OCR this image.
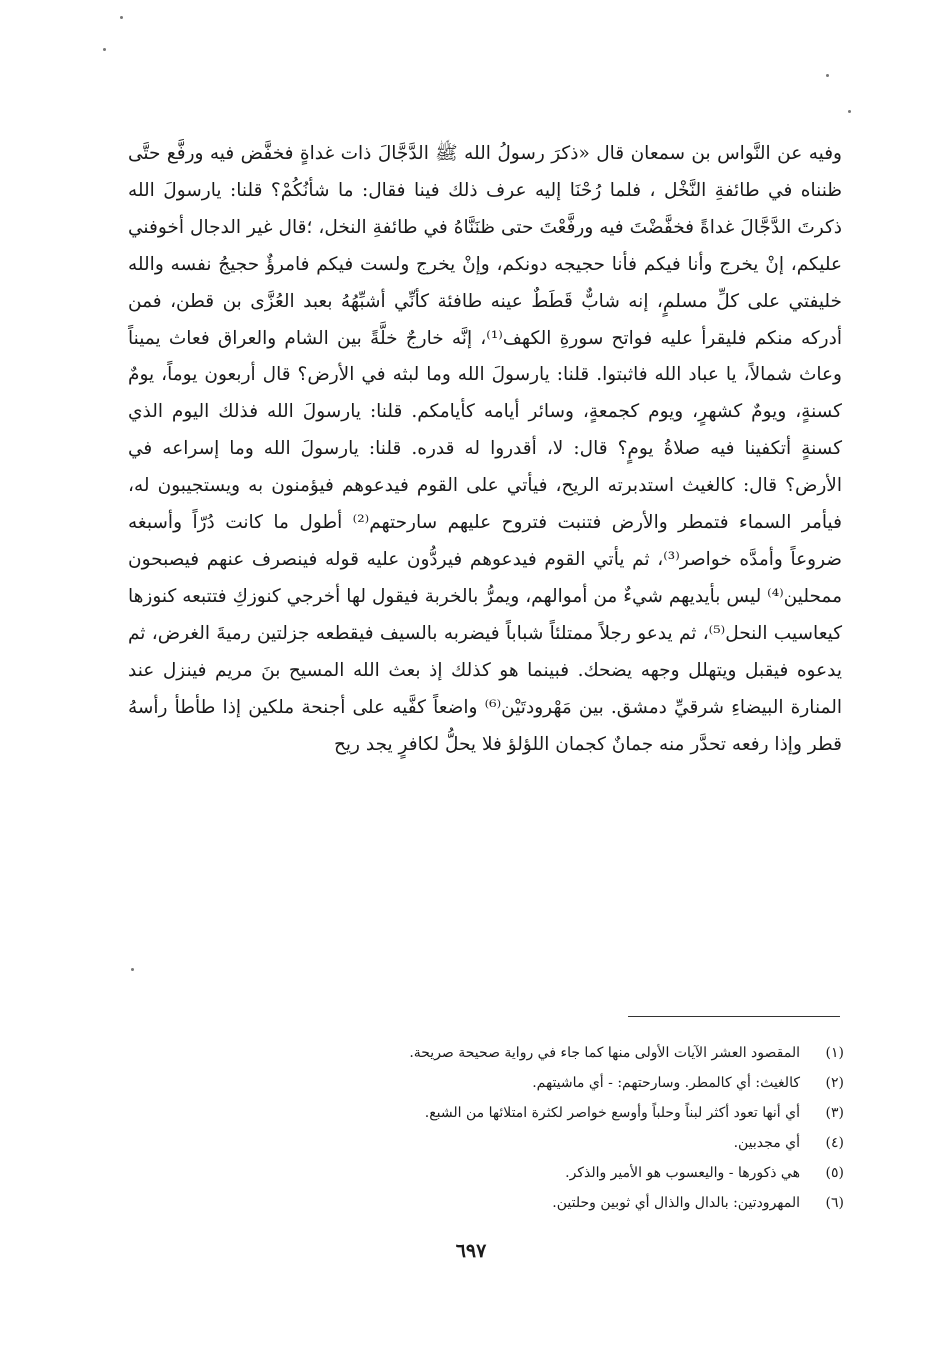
وفيه عن النَّواس بن سمعان قال «ذكرَ رسولُ الله ﷺ الدَّجَّالَ ذات غداةٍ فخفَّض فيه ورفَّع حتَّى ظنناه في طائفةِ النَّخْل ، فلما رُحْنَا إليه عرف ذلك فينا فقال: ما شأنُكُمْ؟ قلنا: يارسولَ الله ذكرتَ الدَّجَّالَ غداةً فخفَّضْتَ فيه ورفَّعْتَ حتى ظنَنَّاهُ في طائفةِ النخل، ؛قال غير الدجال أخوفني عليكم، إنْ يخرج وأنا فيكم فأنا حجيجه دونكم، وإنْ يخرج ولست فيكم فامرؤٌ حجيجُ نفسه والله خليفتي على كلِّ مسلمٍ، إنه شابٌّ قَطَطٌ عينه طافئة كأنِّي أشبِّهُهُ بعبد العُزَّى بن قطن، فمن أدركه منكم فليقرأ عليه فواتح سورةِ الكهف⁽¹⁾، إنَّه خارجٌ خلَّةً بين الشام والعراق فعاث يميناً وعاث شمالاً، يا عباد الله فاثبتوا. قلنا: يارسولَ الله وما لبثه في الأرض؟ قال أربعون يوماً، يومٌ كسنةٍ، ويومٌ كشهرٍ، ويوم كجمعةٍ، وسائر أيامه كأيامكم. قلنا: يارسولَ الله فذلك اليوم الذي كسنةٍ أتكفينا فيه صلاةُ يومٍ؟ قال: لا، أقدروا له قدره. قلنا: يارسولَ الله وما إسراعه في الأرض؟ قال: كالغيث استدبرته الريح، فيأتي على القوم فيدعوهم فيؤمنون به ويستجيبون له، فيأمر السماء فتمطر والأرض فتنبت فتروح عليهم سارحتهم⁽²⁾ أطول ما كانت دُرّاً وأسبغه ضروعاً وأمدَّه خواصر⁽³⁾، ثم يأتي القوم فيدعوهم فيردُّون عليه قوله فينصرف عنهم فيصبحون ممحلين⁽⁴⁾ ليس بأيديهم شيءٌ من أموالهم، ويمرُّ بالخربة فيقول لها أخرجي كنوزكِ فتتبعه كنوزها كيعاسيب النحل⁽⁵⁾، ثم يدعو رجلاً ممتلئاً شباباً فيضربه بالسيف فيقطعه جزلتين رميةَ الغرض، ثم يدعوه فيقبل ويتهلل وجهه يضحك. فبينما هو كذلك إذ بعث الله المسيح بنَ مريم فينزل عند المنارة البيضاءِ شرقيِّ دمشق. بين مَهْرودتَيْن⁽⁶⁾ واضعاً كفَّيه على أجنحة ملكين إذا طأطأ رأسهُ قطر وإذا رفعه تحدَّر منه جمانٌ كجمان اللؤلؤ فلا يحلُّ لكافرٍ يجد ريح

(١)
المقصود العشر الآيات الأولى منها كما جاء في رواية صحيحة صريحة.
(٢)
كالغيث: أي كالمطر. وسارحتهم: - أي ماشيتهم.
(٣)
أي أنها تعود أكثر لبناً وحلباً وأوسع خواصر لكثرة امتلائها من الشبع.
(٤)
أي مجدبين.
(٥)
هي ذكورها - واليعسوب هو الأمير والذكر.
(٦)
المهرودتين: بالدال والذال أي ثوبين وحلتين.
٦٩٧
